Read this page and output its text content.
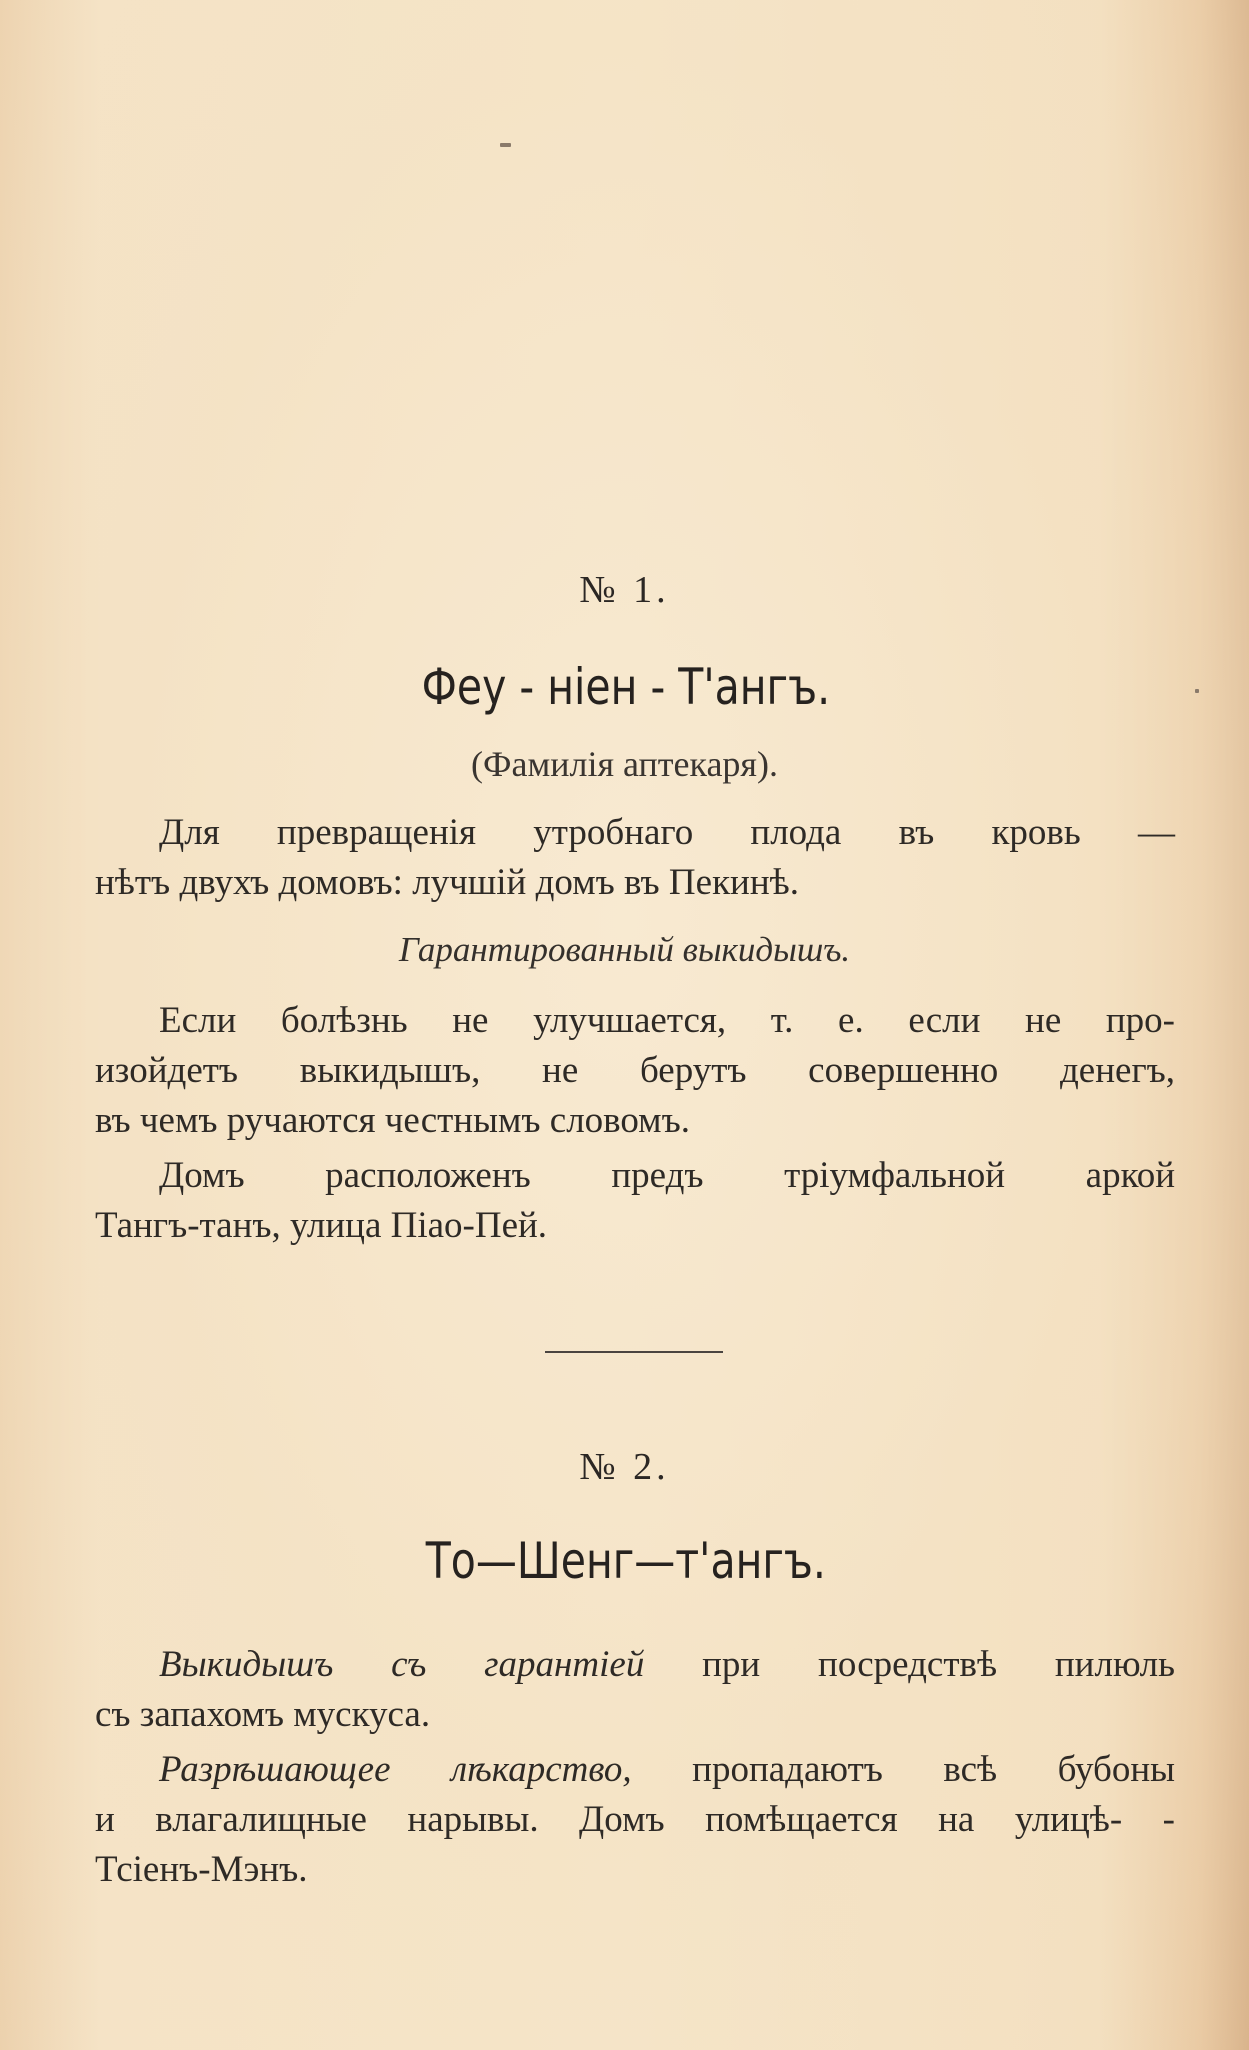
№ 1.
Феу - ніен - Т'ангъ.
(Фамилія аптекаря).
Для превращенія утробнаго плода въ кровь —
нѣтъ двухъ домовъ: лучшій домъ въ Пекинѣ.
Гарантированный выкидышъ.
Если болѣзнь не улучшается, т. е. если не про-
изойдетъ выкидышъ, не берутъ совершенно денегъ,
въ чемъ ручаются честнымъ словомъ.
Домъ расположенъ предъ тріумфальной аркой
Тангъ-танъ, улица Піао-Пей.
№ 2.
То—Шенг—т'ангъ.
Выкидышъ съ гарантіей при посредствѣ пилюль
съ запахомъ мускуса.
Разрѣшающее лѣкарство, пропадаютъ всѣ бубоны
и влагалищные нарывы. Домъ помѣщается на улицѣ- -
Тсіенъ-Мэнъ.
